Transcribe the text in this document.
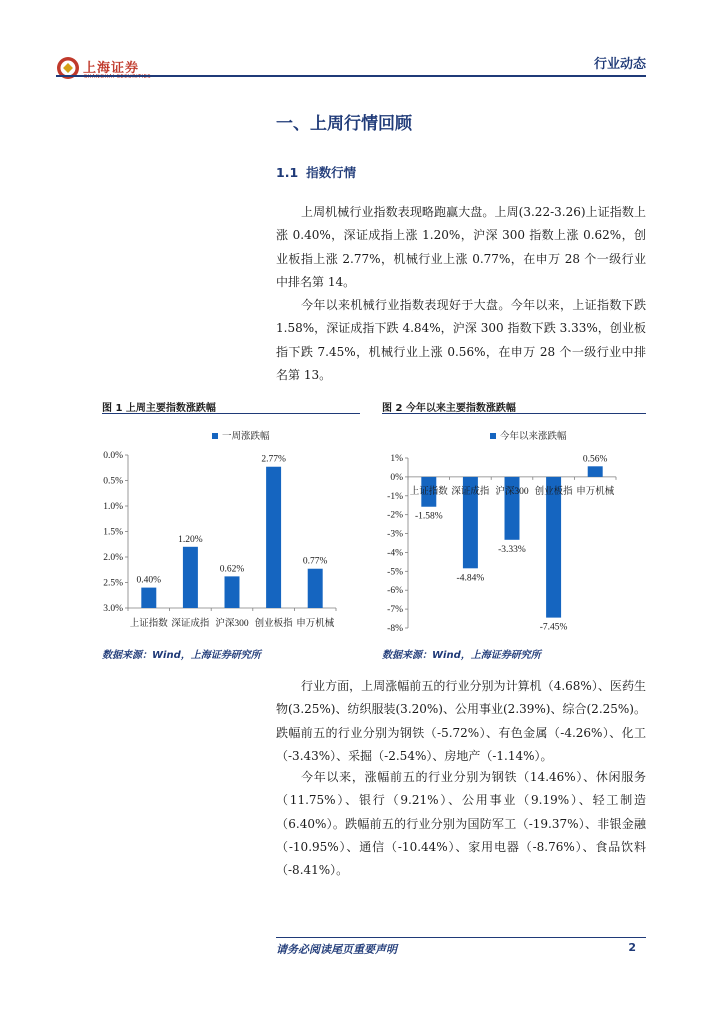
上海证券
SHANGHAI SECURITIES
行业动态
一、上周行情回顾
1.1 指数行情

上周机械行业指数表现略跑赢大盘。上周(3.22-3.26)上证指数上涨 0.40%，深证成指上涨 1.20%，沪深 300 指数上涨 0.62%，创业板指上涨 2.77%，机械行业上涨 0.77%，在申万 28 个一级行业中排名第 14。

今年以来机械行业指数表现好于大盘。今年以来，上证指数下跌 1.58%，深证成指下跌 4.84%，沪深 300 指数下跌 3.33%，创业板指下跌 7.45%，机械行业上涨 0.56%，在申万 28 个一级行业中排名第 13。

行业方面，上周涨幅前五的行业分别为计算机（4.68%）、医药生物(3.25%)、纺织服装(3.20%)、公用事业(2.39%)、综合(2.25%)。跌幅前五的行业分别为钢铁（-5.72%）、有色金属（-4.26%）、化工（-3.43%）、采掘（-2.54%）、房地产（-1.14%）。

今年以来，涨幅前五的行业分别为钢铁（14.46%）、休闲服务（11.75%）、银行（9.21%）、公用事业（9.19%）、轻工制造（6.40%）。跌幅前五的行业分别为国防军工（-19.37%）、非银金融（-10.95%）、通信（-10.44%）、家用电器（-8.76%）、食品饮料（-8.41%）。

图 1 上周主要指数涨跌幅
一周涨跌幅
0.0%
0.5%
1.0%
1.5%
2.0%
2.5%
3.0%
0.40%
上证指数
1.20%
深证成指
0.62%
沪深300
2.77%
创业板指
0.77%
申万机械
数据来源：Wind，上海证券研究所
图 2 今年以来主要指数涨跌幅
今年以来涨跌幅
1%
0%
-1%
-2%
-3%
-4%
-5%
-6%
-7%
-8%
-1.58%
上证指数
-4.84%
深证成指
-3.33%
沪深300
-7.45%
创业板指
0.56%
申万机械
数据来源：Wind，上海证券研究所
请务必阅读尾页重要声明	2
